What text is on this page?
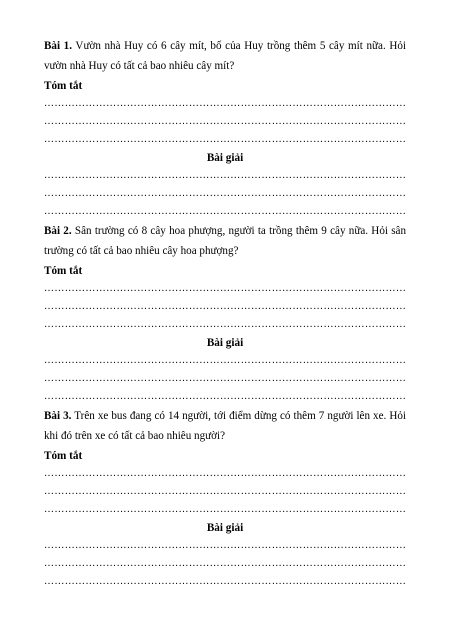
Bài 1. Vườn nhà Huy có 6 cây mít, bố của Huy trồng thêm 5 cây mít nữa. Hỏi vườn nhà Huy có tất cả bao nhiêu cây mít?

Tóm tắt
………………………………………………………………………………………………
………………………………………………………………………………………………
………………………………………………………………………………………………
Bài giải
………………………………………………………………………………………………
………………………………………………………………………………………………
………………………………………………………………………………………………

Bài 2. Sân trường có 8 cây hoa phượng, người ta trồng thêm 9 cây nữa. Hỏi sân trường có tất cả bao nhiêu cây hoa phượng?

Tóm tắt
………………………………………………………………………………………………
………………………………………………………………………………………………
………………………………………………………………………………………………
Bài giải
………………………………………………………………………………………………
………………………………………………………………………………………………
………………………………………………………………………………………………

Bài 3. Trên xe bus đang có 14 người, tới điểm dừng có thêm 7 người lên xe. Hỏi khi đó trên xe có tất cả bao nhiêu người?

Tóm tắt
………………………………………………………………………………………………
………………………………………………………………………………………………
………………………………………………………………………………………………
Bài giải
………………………………………………………………………………………………
………………………………………………………………………………………………
………………………………………………………………………………………………
